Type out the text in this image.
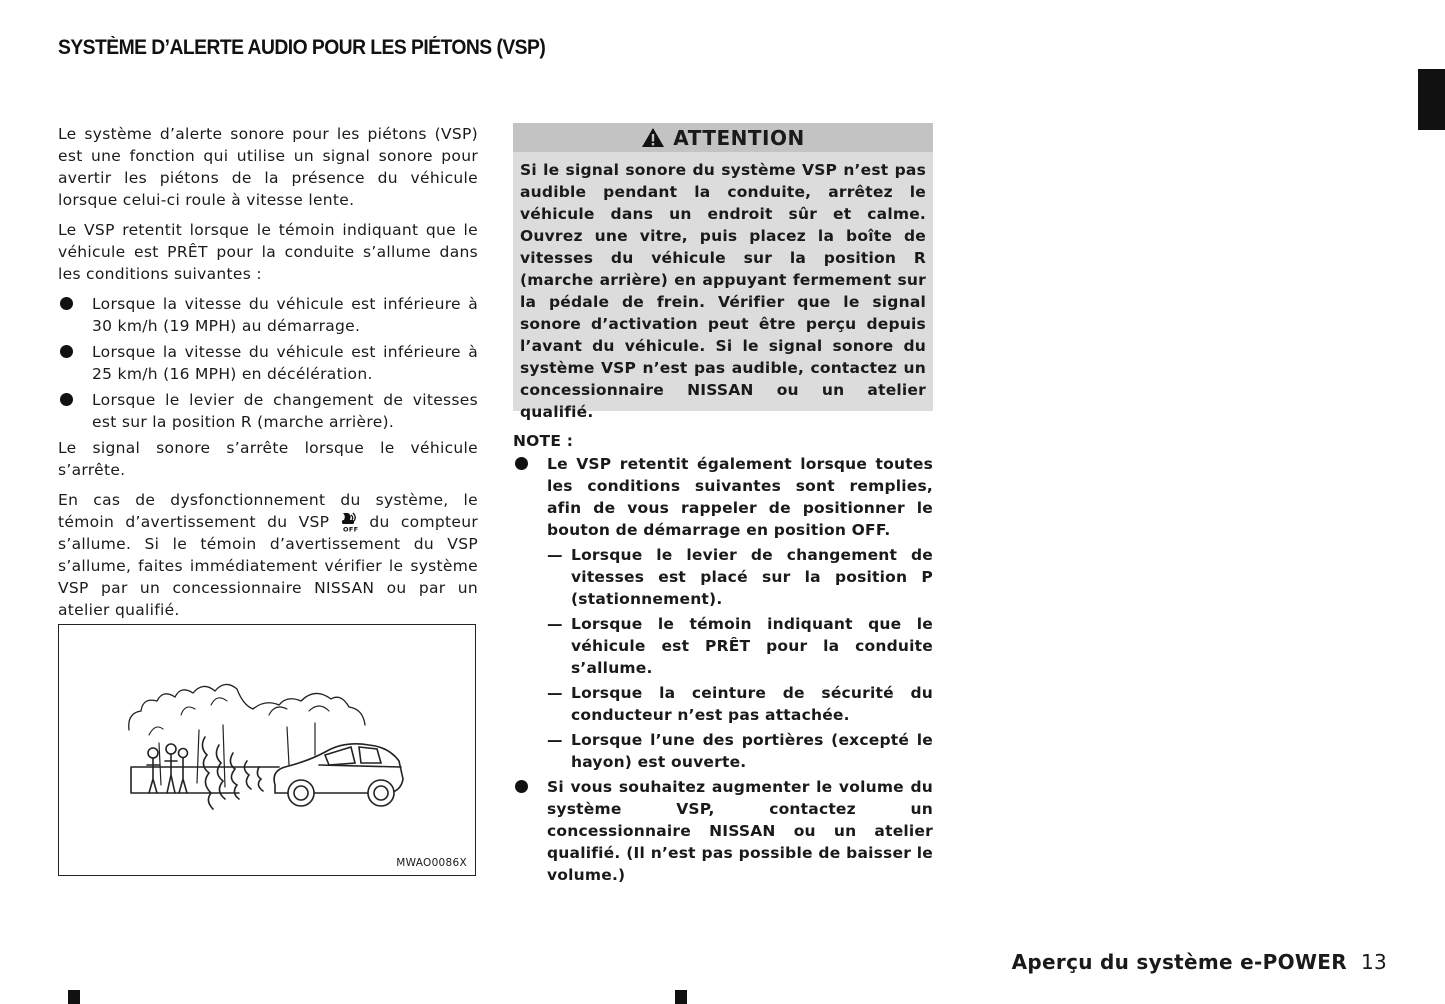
SYSTÈME D’ALERTE AUDIO POUR LES PIÉTONS (VSP)

Le système d’alerte sonore pour les piétons (VSP) est une fonction qui utilise un signal sonore pour avertir les piétons de la présence du véhicule lorsque celui-ci roule à vitesse lente.

Le VSP retentit lorsque le témoin indiquant que le véhicule est PRÊT pour la conduite s’allume dans les conditions suivantes :

Lorsque la vitesse du véhicule est inférieure à 30 km/h (19 MPH) au démarrage.
Lorsque la vitesse du véhicule est inférieure à 25 km/h (16 MPH) en décélération.
Lorsque le levier de changement de vitesses est sur la position R (marche arrière).

Le signal sonore s’arrête lorsque le véhicule s’arrête.

En cas de dysfonctionnement du système, le témoin d’avertissement du VSP OFF du compteur s’allume. Si le témoin d’avertissement du VSP s’allume, faites immédiatement vérifier le système VSP par un concessionnaire NISSAN ou par un atelier qualifié.

MWAO0086X
ATTENTION
Si le signal sonore du système VSP n’est pas audible pendant la conduite, arrêtez le véhicule dans un endroit sûr et calme. Ouvrez une vitre, puis placez la boîte de vitesses du véhicule sur la position R (marche arrière) en appuyant fermement sur la pédale de frein. Vérifier que le signal sonore d’activation peut être perçu depuis l’avant du véhicule. Si le signal sonore du système VSP n’est pas audible, contactez un concessionnaire NISSAN ou un atelier qualifié.
NOTE :
Le VSP retentit également lorsque toutes les conditions suivantes sont remplies, afin de vous rappeler de positionner le bouton de démarrage en position OFF.
— Lorsque le levier de changement de vitesses est placé sur la position P (stationnement).
— Lorsque le témoin indiquant que le véhicule est PRÊT pour la conduite s’allume.
— Lorsque la ceinture de sécurité du conducteur n’est pas attachée.
— Lorsque l’une des portières (excepté le hayon) est ouverte.
Si vous souhaitez augmenter le volume du système VSP, contactez un concessionnaire NISSAN ou un atelier qualifié. (Il n’est pas possible de baisser le volume.)
Aperçu du système e-POWER 13
